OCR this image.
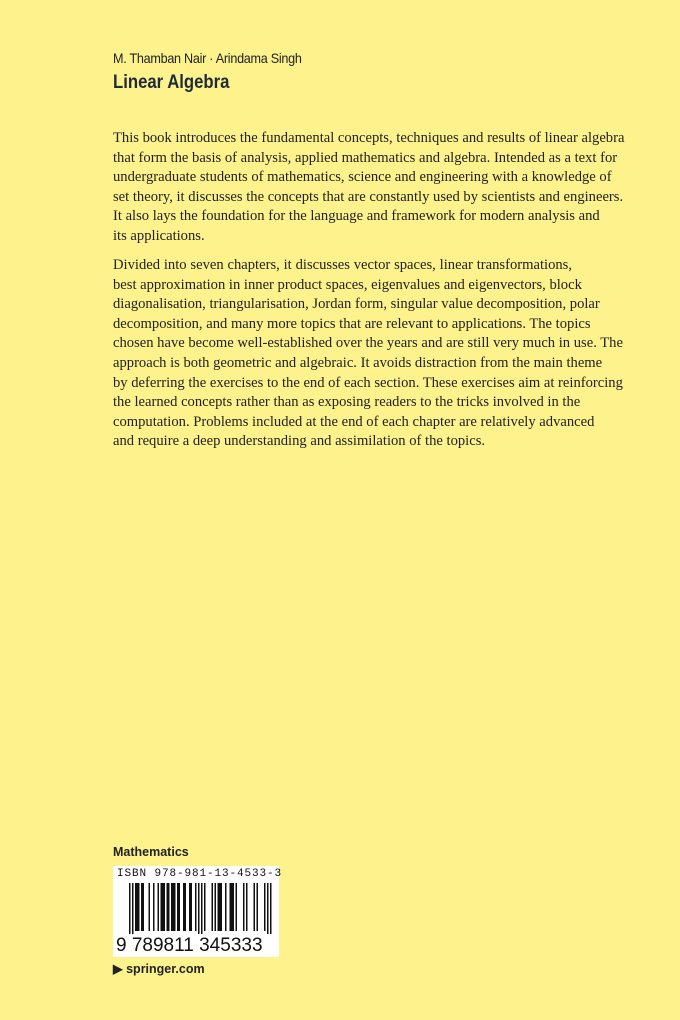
M. Thamban Nair · Arindama Singh
Linear Algebra
This book introduces the fundamental concepts, techniques and results of linear algebra
that form the basis of analysis, applied mathematics and algebra. Intended as a text for
undergraduate students of mathematics, science and engineering with a knowledge of
set theory, it discusses the concepts that are constantly used by scientists and engineers.
It also lays the foundation for the language and framework for modern analysis and
its applications.
Divided into seven chapters, it discusses vector spaces, linear transformations,
best approximation in inner product spaces, eigenvalues and eigenvectors, block
diagonalisation, triangularisation, Jordan form, singular value decomposition, polar
decomposition, and many more topics that are relevant to applications. The topics
chosen have become well-established over the years and are still very much in use. The
approach is both geometric and algebraic. It avoids distraction from the main theme
by deferring the exercises to the end of each section. These exercises aim at reinforcing
the learned concepts rather than as exposing readers to the tricks involved in the
computation. Problems included at the end of each chapter are relatively advanced
and require a deep understanding and assimilation of the topics.
Mathematics
ISBN 978-981-13-4533-3
9 789811 345333
▶ springer.com
